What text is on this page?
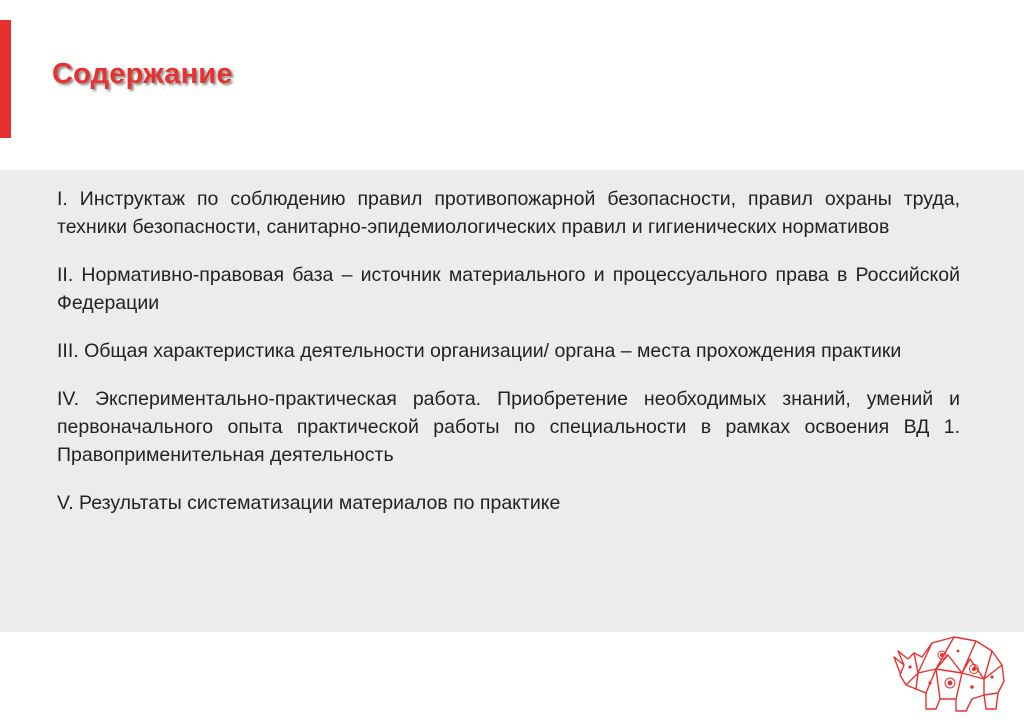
Содержание
I. Инструктаж по соблюдению правил противопожарной безопасности, правил охраны труда, техники безопасности, санитарно-эпидемиологических правил и гигиенических нормативов
II. Нормативно-правовая база – источник материального и процессуального права в Российской Федерации
III. Общая характеристика деятельности организации/ органа – места прохождения практики
IV. Экспериментально-практическая работа. Приобретение необходимых знаний, умений и первоначального опыта практической работы по специальности в рамках освоения ВД 1. Правоприменительная деятельность
V. Результаты систематизации материалов по практике
